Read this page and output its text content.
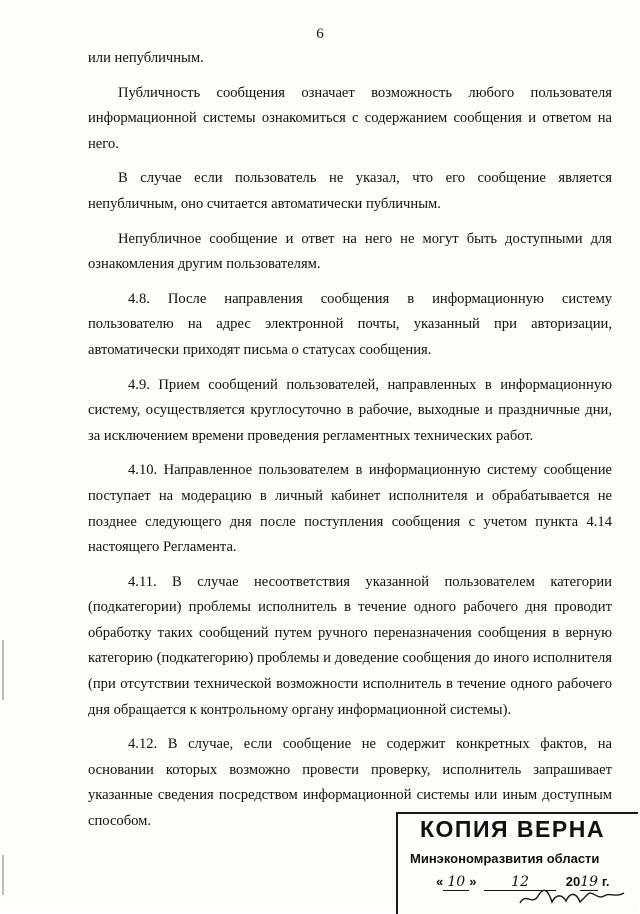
6

или непубличным.

Публичность сообщения означает возможность любого пользователя информационной системы ознакомиться с содержанием сообщения и ответом на него.

В случае если пользователь не указал, что его сообщение является непубличным, оно считается автоматически публичным.

Непубличное сообщение и ответ на него не могут быть доступными для ознакомления другим пользователям.

4.8. После направления сообщения в информационную систему пользователю на адрес электронной почты, указанный при авторизации, автоматически приходят письма о статусах сообщения.

4.9. Прием сообщений пользователей, направленных в информационную систему, осуществляется круглосуточно в рабочие, выходные и праздничные дни, за исключением времени проведения регламентных технических работ.

4.10. Направленное пользователем в информационную систему сообщение поступает на модерацию в личный кабинет исполнителя и обрабатывается не позднее следующего дня после поступления сообщения с учетом пункта 4.14 настоящего Регламента.

4.11. В случае несоответствия указанной пользователем категории (подкатегории) проблемы исполнитель в течение одного рабочего дня проводит обработку таких сообщений путем ручного переназначения сообщения в верную категорию (подкатегорию) проблемы и доведение сообщения до иного исполнителя (при отсутствии технической возможности исполнитель в течение одного рабочего дня обращается к контрольному органу информационной системы).

4.12. В случае, если сообщение не содержит конкретных фактов, на основании которых возможно провести проверку, исполнитель запрашивает указанные сведения посредством информационной системы или иным доступным способом.	КОПИЯ ВЕРНА
Минэкономразвития области
« 10 » 12	2019 г.
